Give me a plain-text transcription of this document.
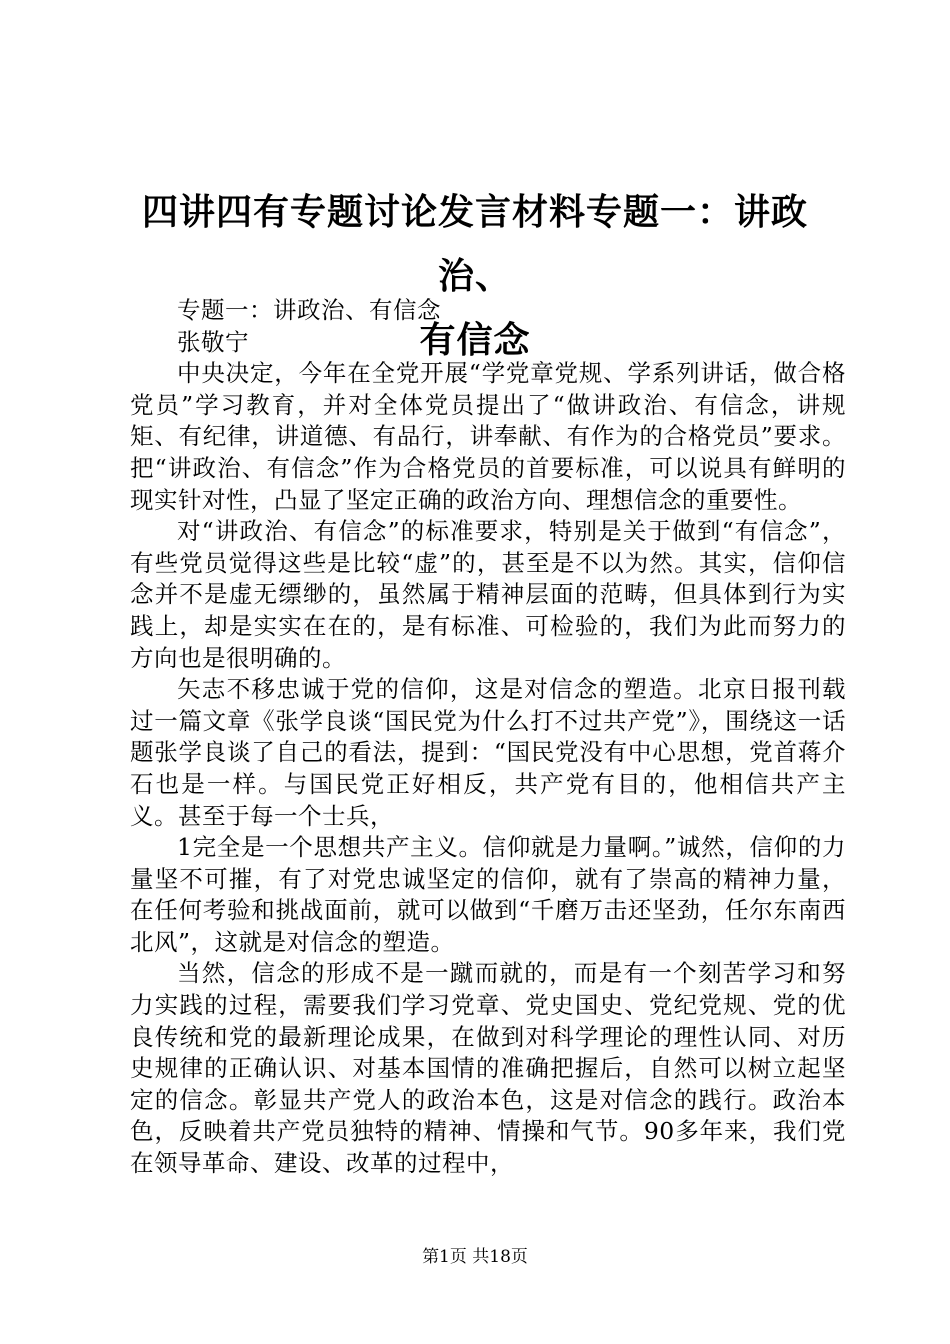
四讲四有专题讨论发言材料专题一：讲政治、
有信念

专题一：讲政治、有信念

张敬宁

中央决定，今年在全党开展“学党章党规、学系列讲话，做合格党员”学习教育，并对全体党员提出了“做讲政治、有信念，讲规矩、有纪律，讲道德、有品行，讲奉献、有作为的合格党员”要求。把“讲政治、有信念”作为合格党员的首要标准，可以说具有鲜明的现实针对性，凸显了坚定正确的政治方向、理想信念的重要性。

对“讲政治、有信念”的标准要求，特别是关于做到“有信念”，有些党员觉得这些是比较“虚”的，甚至是不以为然。其实，信仰信念并不是虚无缥缈的，虽然属于精神层面的范畴，但具体到行为实践上，却是实实在在的，是有标准、可检验的，我们为此而努力的方向也是很明确的。

矢志不移忠诚于党的信仰，这是对信念的塑造。北京日报刊载过一篇文章《张学良谈“国民党为什么打不过共产党”》，围绕这一话题张学良谈了自己的看法，提到：“国民党没有中心思想，党首蒋介石也是一样。与国民党正好相反，共产党有目的，他相信共产主义。甚至于每一个士兵，

1完全是一个思想共产主义。信仰就是力量啊。”诚然，信仰的力量坚不可摧，有了对党忠诚坚定的信仰，就有了崇高的精神力量，在任何考验和挑战面前，就可以做到“千磨万击还坚劲，任尔东南西北风”，这就是对信念的塑造。

当然，信念的形成不是一蹴而就的，而是有一个刻苦学习和努力实践的过程，需要我们学习党章、党史国史、党纪党规、党的优良传统和党的最新理论成果，在做到对科学理论的理性认同、对历史规律的正确认识、对基本国情的准确把握后，自然可以树立起坚定的信念。彰显共产党人的政治本色，这是对信念的践行。政治本色，反映着共产党员独特的精神、情操和气节。90多年来，我们党在领导革命、建设、改革的过程中，

第1页 共18页
